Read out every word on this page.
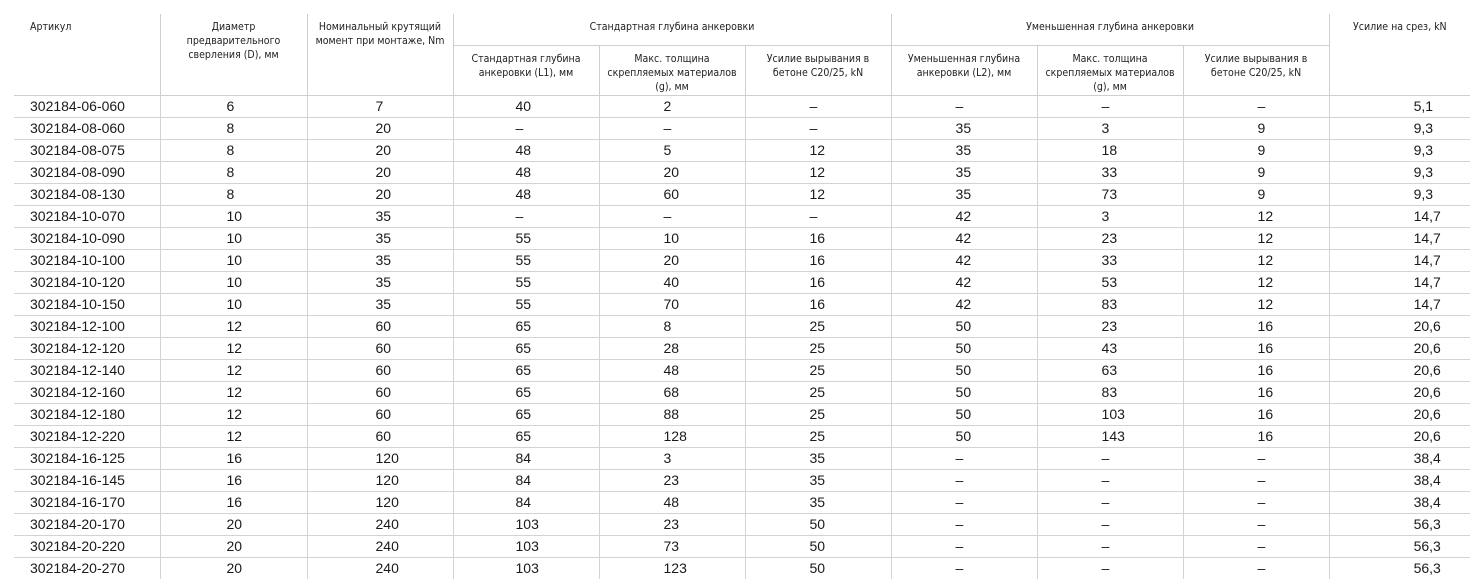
Артикул	Диаметр предварительного сверления (D), мм	Номинальный крутящий момент при монтаже, Nm	Стандартная глубина анкеровки			Уменьшенная глубина анкеровки			Усилие на срез, kN
			Стандартная глубина анкеровки (L1), мм	Макс. толщина скрепляемых материалов (g), мм	Усилие вырывания в бетоне C20/25, kN	Уменьшенная глубина анкеровки (L2), мм	Макс. толщина скрепляемых материалов (g), мм	Усилие вырывания в бетоне C20/25, kN	
302184-06-060	6	7	40	2	–	–	–	–	5,1
302184-08-060	8	20	–	–	–	35	3	9	9,3
302184-08-075	8	20	48	5	12	35	18	9	9,3
302184-08-090	8	20	48	20	12	35	33	9	9,3
302184-08-130	8	20	48	60	12	35	73	9	9,3
302184-10-070	10	35	–	–	–	42	3	12	14,7
302184-10-090	10	35	55	10	16	42	23	12	14,7
302184-10-100	10	35	55	20	16	42	33	12	14,7
302184-10-120	10	35	55	40	16	42	53	12	14,7
302184-10-150	10	35	55	70	16	42	83	12	14,7
302184-12-100	12	60	65	8	25	50	23	16	20,6
302184-12-120	12	60	65	28	25	50	43	16	20,6
302184-12-140	12	60	65	48	25	50	63	16	20,6
302184-12-160	12	60	65	68	25	50	83	16	20,6
302184-12-180	12	60	65	88	25	50	103	16	20,6
302184-12-220	12	60	65	128	25	50	143	16	20,6
302184-16-125	16	120	84	3	35	–	–	–	38,4
302184-16-145	16	120	84	23	35	–	–	–	38,4
302184-16-170	16	120	84	48	35	–	–	–	38,4
302184-20-170	20	240	103	23	50	–	–	–	56,3
302184-20-220	20	240	103	73	50	–	–	–	56,3
302184-20-270	20	240	103	123	50	–	–	–	56,3
